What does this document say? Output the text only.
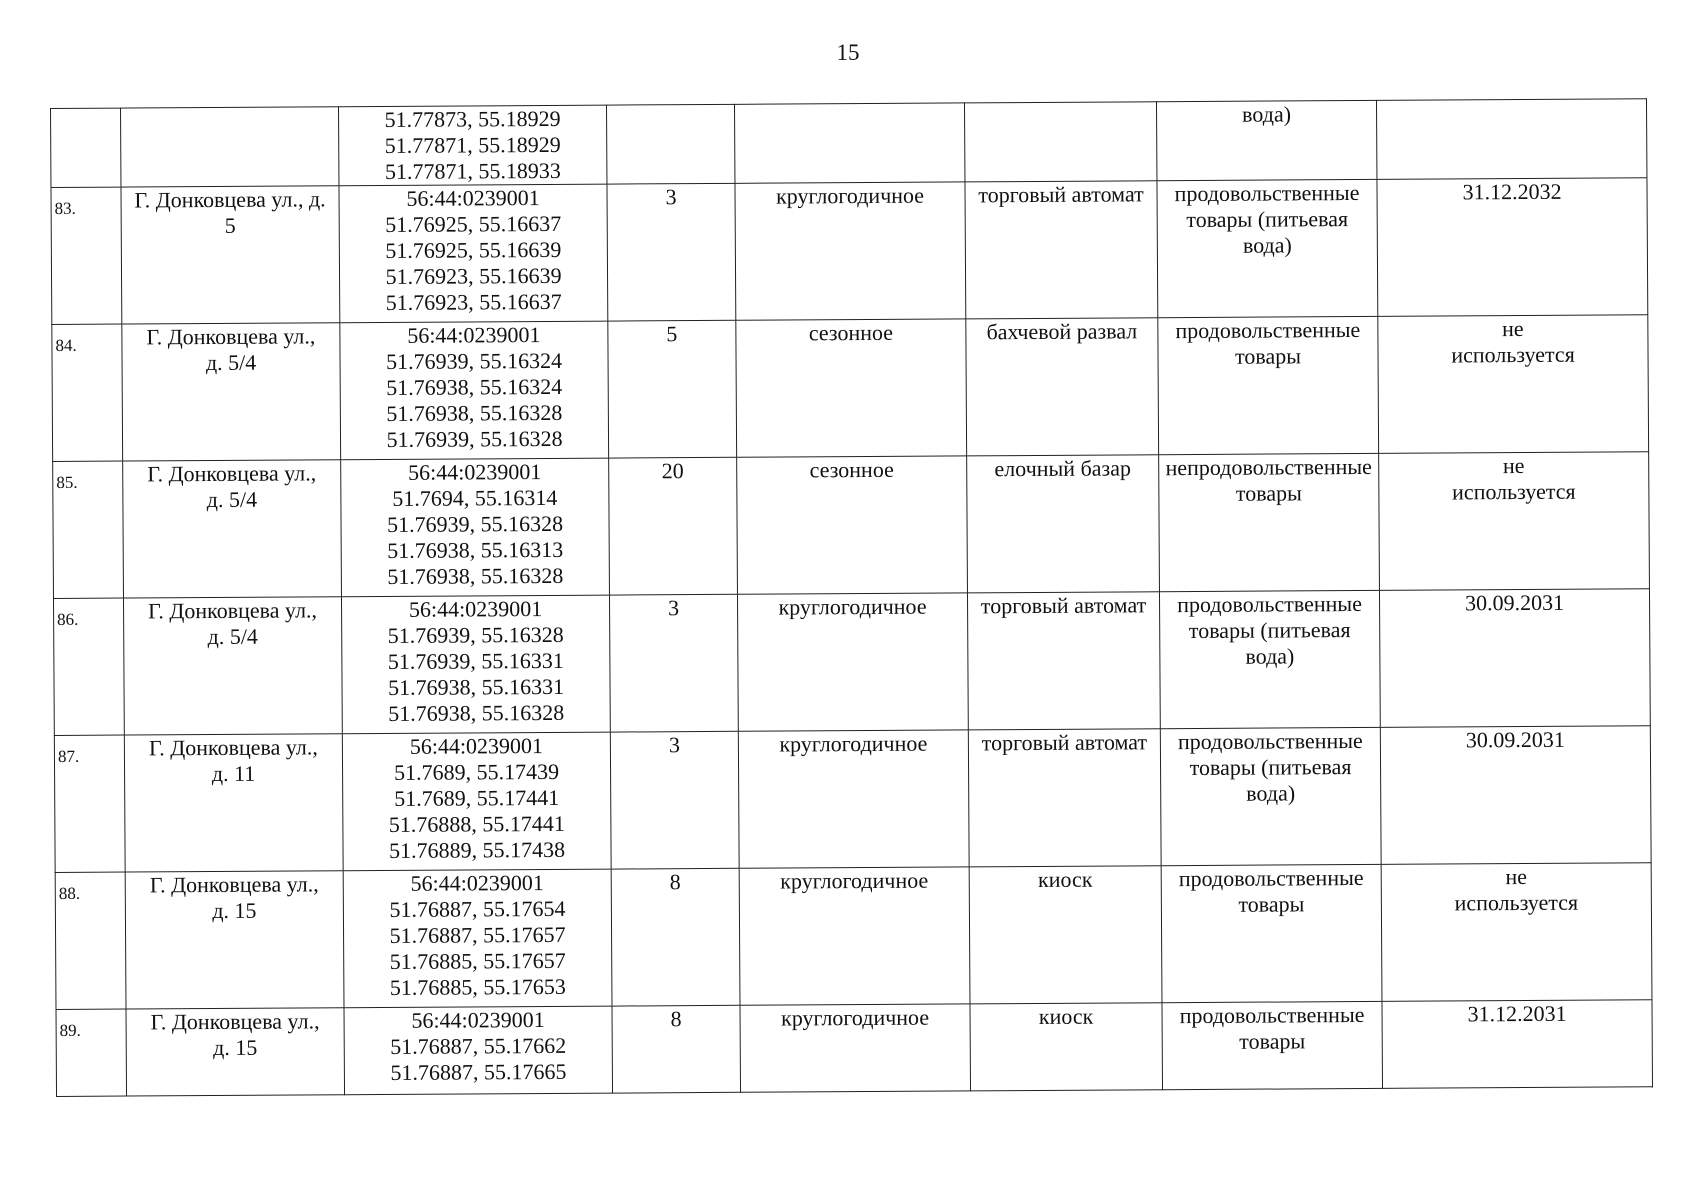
15

		51.77873, 55.18929
51.77871, 55.18929
51.77871, 55.18933				вода)	

83.	Г. Донковцева ул., д.
5	56:44:0239001
51.76925, 55.16637
51.76925, 55.16639
51.76923, 55.16639
51.76923, 55.16637	3	круглогодичное	торговый автомат	продовольственные
товары (питьевая
вода)	31.12.2032

84.	Г. Донковцева ул.,
д. 5/4	56:44:0239001
51.76939, 55.16324
51.76938, 55.16324
51.76938, 55.16328
51.76939, 55.16328	5	сезонное	бахчевой развал	продовольственные
товары	не
используется

85.	Г. Донковцева ул.,
д. 5/4	56:44:0239001
51.7694, 55.16314
51.76939, 55.16328
51.76938, 55.16313
51.76938, 55.16328	20	сезонное	елочный базар	непродовольственные
товары	не
используется

86.	Г. Донковцева ул.,
д. 5/4	56:44:0239001
51.76939, 55.16328
51.76939, 55.16331
51.76938, 55.16331
51.76938, 55.16328	3	круглогодичное	торговый автомат	продовольственные
товары (питьевая
вода)	30.09.2031

87.	Г. Донковцева ул.,
д. 11	56:44:0239001
51.7689, 55.17439
51.7689, 55.17441
51.76888, 55.17441
51.76889, 55.17438	3	круглогодичное	торговый автомат	продовольственные
товары (питьевая
вода)	30.09.2031

88.	Г. Донковцева ул.,
д. 15	56:44:0239001
51.76887, 55.17654
51.76887, 55.17657
51.76885, 55.17657
51.76885, 55.17653	8	круглогодичное	киоск	продовольственные
товары	не
используется

89.	Г. Донковцева ул.,
д. 15	56:44:0239001
51.76887, 55.17662
51.76887, 55.17665	8	круглогодичное	киоск	продовольственные
товары	31.12.2031
